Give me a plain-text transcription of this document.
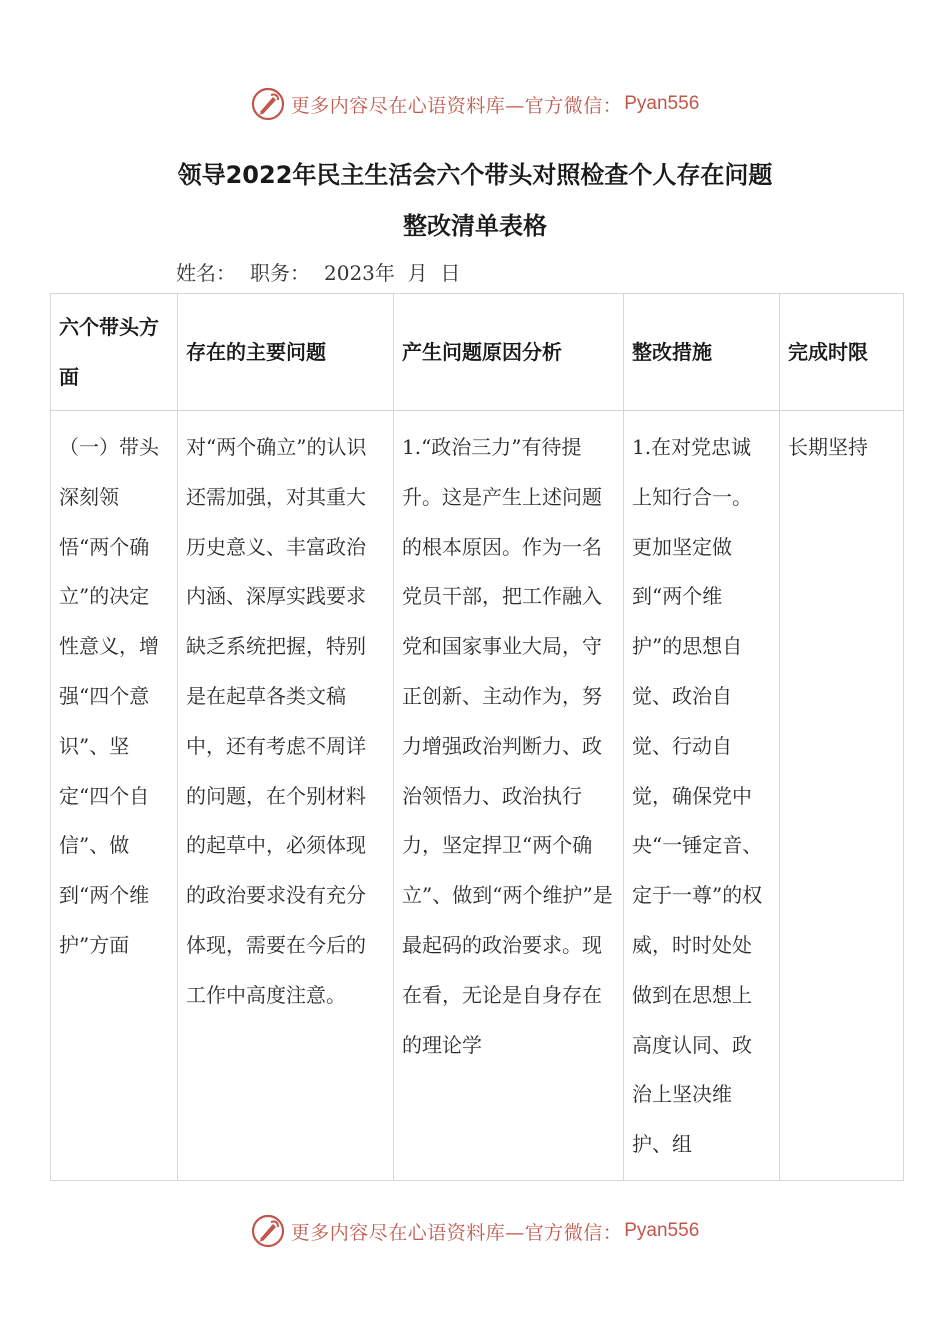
更多内容尽在心语资料库— 官方微信： Pyan556
领导2022年民主生活会六个带头对照检查个人存在问题
整改清单表格
姓名： 职务： 2023年  月  日
六个带头方面	存在的主要问题	产生问题原因分析	整改措施	完成时限

（一）带头深刻领悟“两个确立”的决定性意义，增强“四个意识”、坚定“四个自信”、做到“两个维护”方面	对“两个确立”的认识还需加强，对其重大历史意义、丰富政治内涵、深厚实践要求缺乏系统把握，特别是在起草各类文稿中，还有考虑不周详的问题，在个别材料的起草中，必须体现的政治要求没有充分体现，需要在今后的工作中高度注意。	1.“政治三力”有待提升。这是产生上述问题的根本原因。作为一名党员干部，把工作融入党和国家事业大局，守正创新、主动作为，努力增强政治判断力、政治领悟力、政治执行力，坚定捍卫“两个确立”、做到“两个维护”是最起码的政治要求。现在看，无论是自身存在的理论学	1.在对党忠诚上知行合一。更加坚定做到“两个维护”的思想自觉、政治自觉、行动自觉，确保党中央“一锤定音、定于一尊”的权威，时时处处做到在思想上高度认同、政治上坚决维护、组	长期坚持
更多内容尽在心语资料库— 官方微信： Pyan556
